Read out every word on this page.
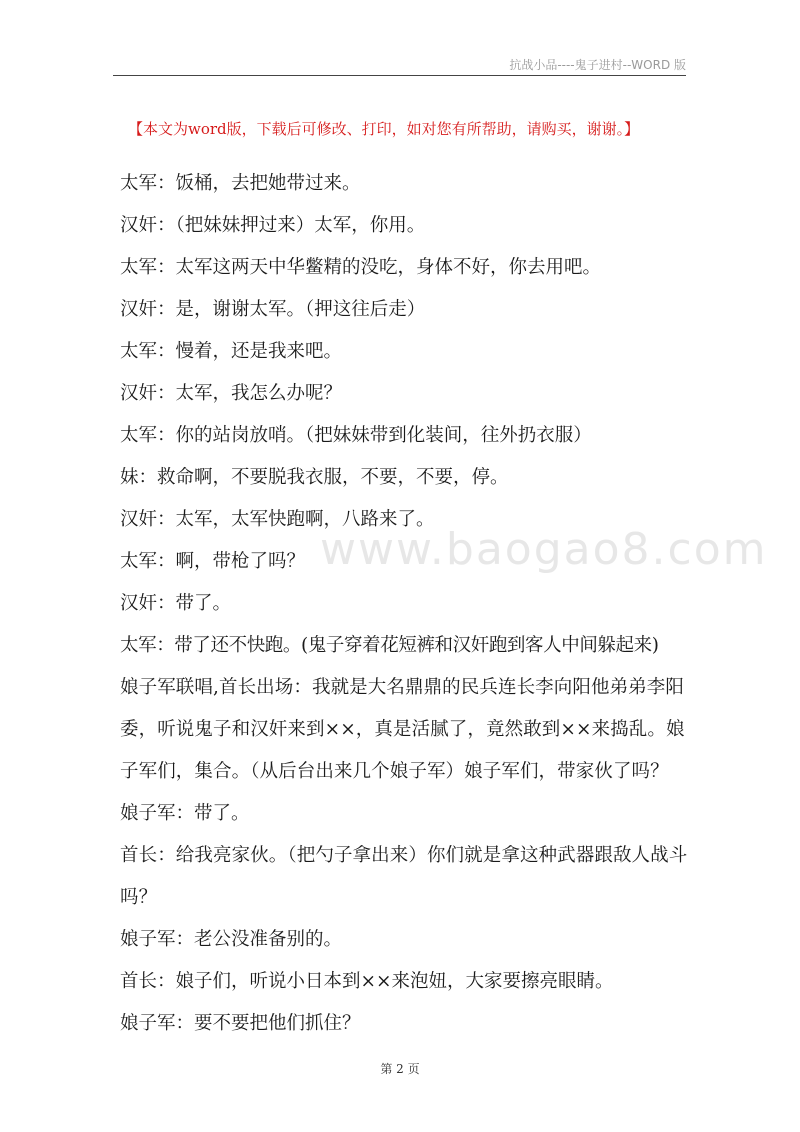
抗战小品----鬼子进村--WORD 版
【本文为word版，下载后可修改、打印，如对您有所帮助，请购买，谢谢。】
www.baogao8.com

太军：饭桶，去把她带过来。

汉奸：（把妹妹押过来）太军，你用。

太军：太军这两天中华鳖精的没吃，身体不好，你去用吧。

汉奸：是，谢谢太军。（押这往后走）

太军：慢着，还是我来吧。

汉奸：太军，我怎么办呢？

太军：你的站岗放哨。（把妹妹带到化装间，往外扔衣服）

妹：救命啊，不要脱我衣服，不要，不要，停。

汉奸：太军，太军快跑啊，八路来了。

太军：啊，带枪了吗？

汉奸：带了。

太军：带了还不快跑。(鬼子穿着花短裤和汉奸跑到客人中间躲起来)

娘子军联唱,首长出场：我就是大名鼎鼎的民兵连长李向阳他弟弟李阳委，听说鬼子和汉奸来到××，真是活腻了，竟然敢到××来捣乱。娘子军们，集合。（从后台出来几个娘子军）娘子军们，带家伙了吗？

娘子军：带了。

首长：给我亮家伙。（把勺子拿出来）你们就是拿这种武器跟敌人战斗吗？

娘子军：老公没准备别的。

首长：娘子们，听说小日本到××来泡妞，大家要擦亮眼睛。

娘子军：要不要把他们抓住？

第 2 页
